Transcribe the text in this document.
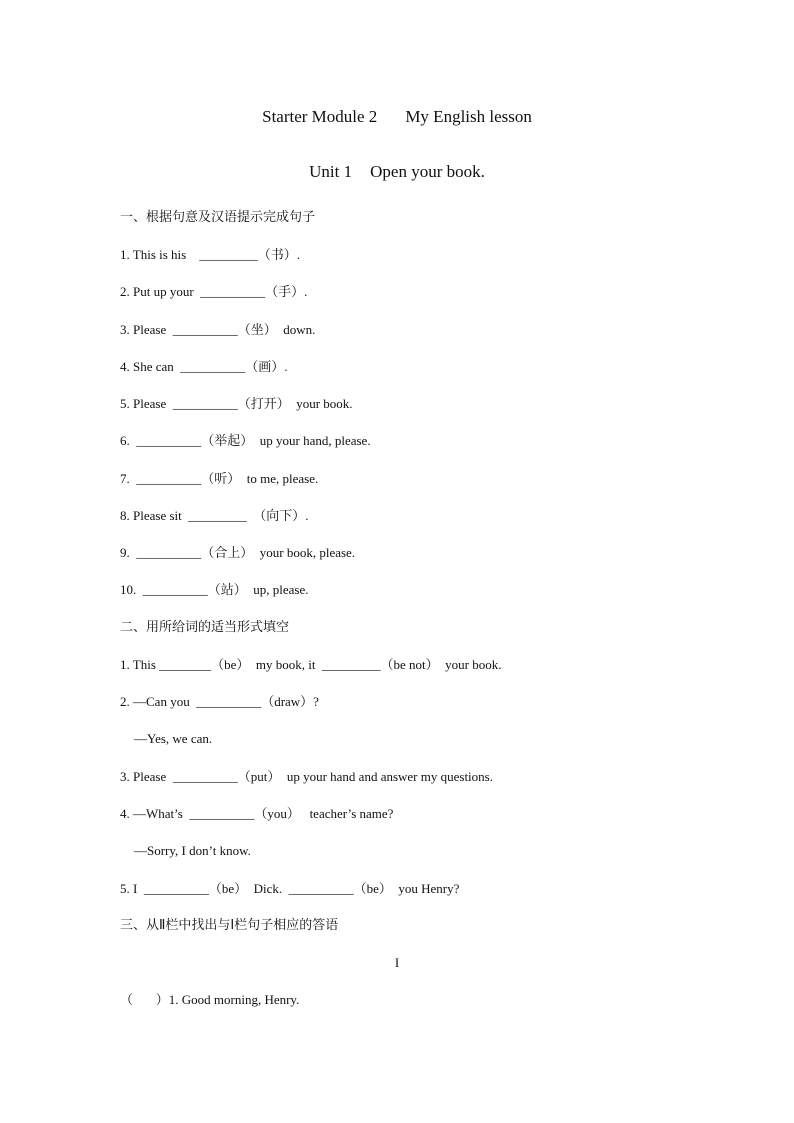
Starter Module 2 My English lesson
Unit 1 Open your book.
一、根据句意及汉语提示完成句子
1. This is his    _________（书）.
2. Put up your  __________（手）.
3. Please  __________（坐）  down.
4. She can  __________（画）.
5. Please  __________（打开）  your book.
6.  __________（举起）  up your hand, please.
7.  __________（听）  to me, please.
8. Please sit  _________  （向下）.
9.  __________（合上）  your book, please.
10.  __________（站）  up, please.
二、用所给词的适当形式填空
1. This ________（be）  my book, it  _________（be not）  your book.
2. —Can you  __________（draw）?
—Yes, we can.
3. Please  __________（put）  up your hand and answer my questions.
4. —What’s  __________（you）   teacher’s name?
—Sorry, I don’t know.
5. I  __________（be）  Dick.  __________（be）  you Henry?
三、从Ⅱ栏中找出与Ⅰ栏句子相应的答语
I
（       ）1. Good morning, Henry.
